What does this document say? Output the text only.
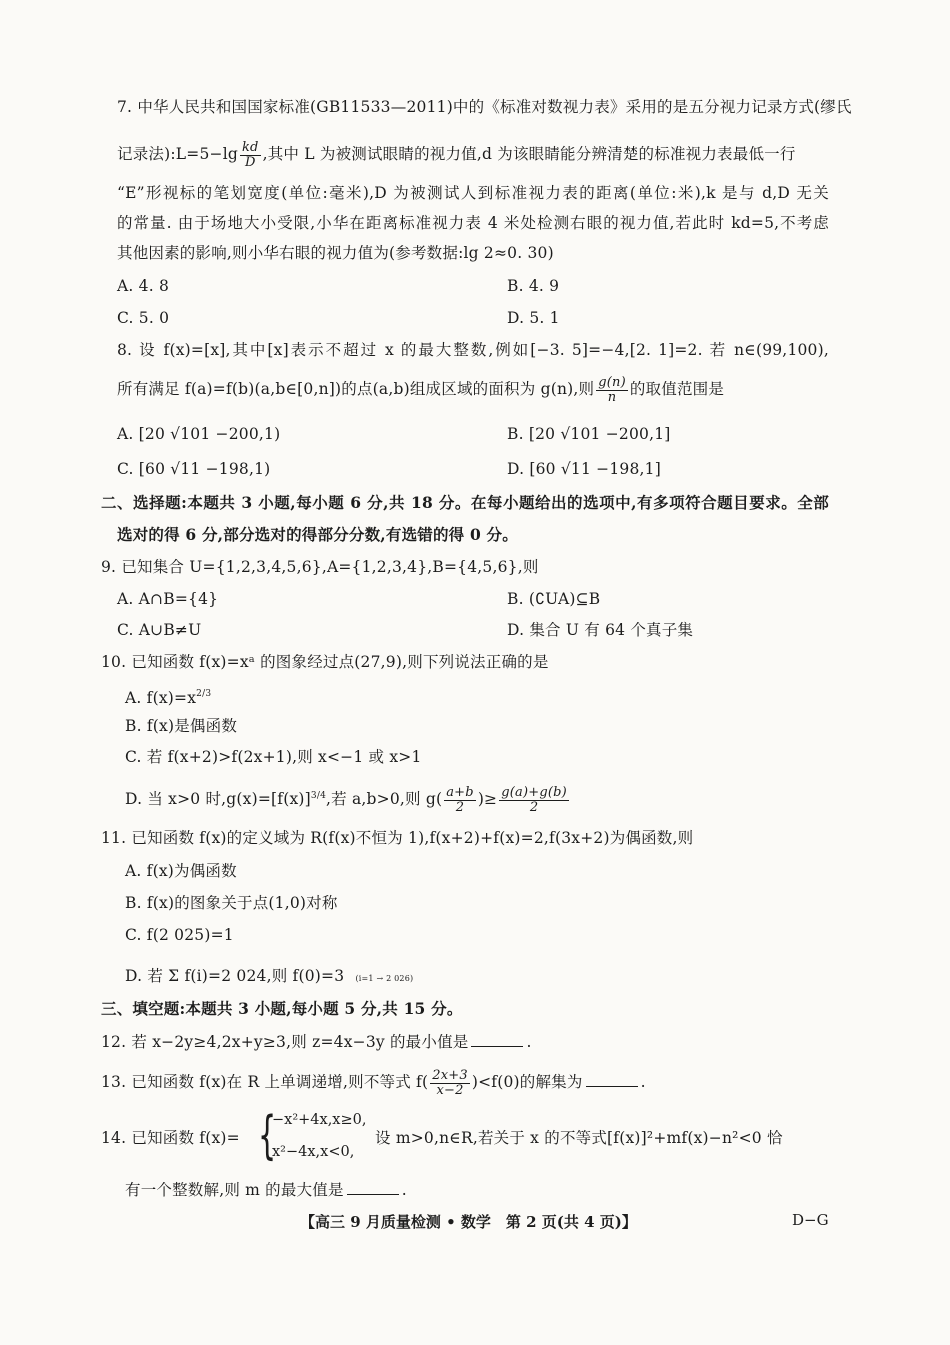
7. 中华人民共和国国家标准(GB11533—2011)中的《标准对数视力表》采用的是五分视力记录方式(缪氏
记录法):L=5−lg $\frac{kd}{D}$ ,其中 L 为被测试眼睛的视力值,d 为该眼睛能分辨清楚的标准视力表最低一行
“E”形视标的笔划宽度(单位:毫米),D 为被测试人到标准视力表的距离(单位:米),k 是与 d,D 无关
的常量. 由于场地大小受限,小华在距离标准视力表 4 米处检测右眼的视力值,若此时 kd=5,不考虑
其他因素的影响,则小华右眼的视力值为(参考数据:lg 2≈0. 30)
A. 4. 8	B. 4. 9
C. 5. 0	D. 5. 1
8. 设 f(x)=[x],其中[x]表示不超过 x 的最大整数,例如[−3. 5]=−4,[2. 1]=2. 若 n∈(99,100),
所有满足 f(a)=f(b)(a,b∈[0,n])的点(a,b)组成区域的面积为 g(n),则 $\frac{g(n)}{n}$ 的取值范围是
A. [20 √101 −200,1)	B. [20 √101 −200,1]
C. [60 √11 −198,1)	D. [60 √11 −198,1]
二、选择题:本题共 3 小题,每小题 6 分,共 18 分。在每小题给出的选项中,有多项符合题目要求。全部
选对的得 6 分,部分选对的得部分分数,有选错的得 0 分。
9. 已知集合 U={1,2,3,4,5,6},A={1,2,3,4},B={4,5,6},则
A. A∩B={4}	B. (∁UA)⊆B
C. A∪B≠U	D. 集合 U 有 64 个真子集
10. 已知函数 f(x)=xᵃ 的图象经过点(27,9),则下列说法正确的是
A. $f(x)=x^{2/3}$
B. f(x)是偶函数
C. 若 f(x+2)>f(2x+1),则 x<−1 或 x>1
D. 当 x>0 时$,g(x)=[f(x)]^{3/4}$,若 a,b>0,则 $g( \frac{a+b}{2}$ )≥ $\frac{g(a)+g(b)}{2}$
11. 已知函数 f(x)的定义域为 R(f(x)不恒为 1),f(x+2)+f(x)=2,f(3x+2)为偶函数,则
A. f(x)为偶函数
B. f(x)的图象关于点(1,0)对称
C. f(2 025)=1
D. 若 Σ f(i)=2 024,则 f(0)=3 (i=1 → 2 026)
三、填空题:本题共 3 小题,每小题 5 分,共 15 分。
12. 若 x−2y≥4,2x+y≥3,则 z=4x−3y 的最小值是	.
13. 已知函数 f(x)在 R 上单调递增,则不等式 $f( \frac{2x+3}{x-2} )<f(0)$的解集为	.
14. 已知函数 f(x)= {
−x²+4x,x≥0,
x²−4x,x<0,
设 m>0,n∈R,若关于 x 的不等式[f(x)]²+mf(x)−n²<0 恰
有一个整数解,则 m 的最大值是	.
【高三 9 月质量检测 • 数学　第 2 页(共 4 页)】	D−G
